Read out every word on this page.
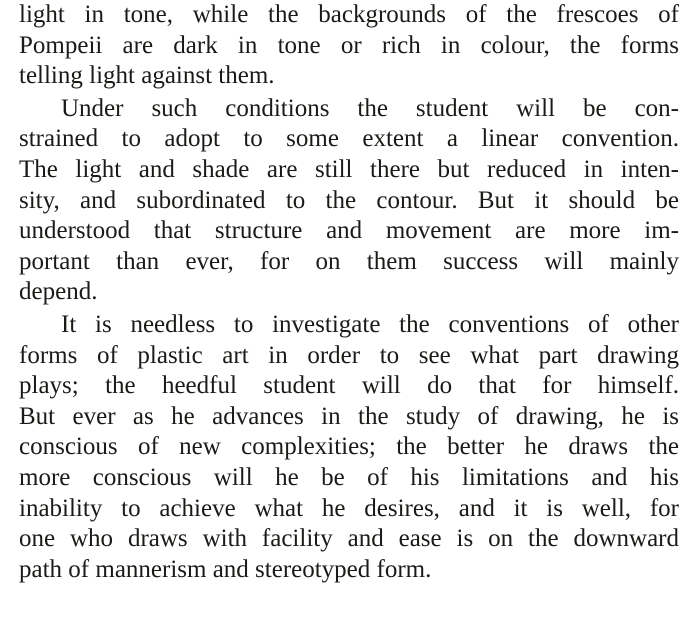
light in tone, while the backgrounds of the frescoes of
Pompeii are dark in tone or rich in colour, the forms
telling light against them.
Under such conditions the student will be con-
strained to adopt to some extent a linear convention.
The light and shade are still there but reduced in inten-
sity, and subordinated to the contour. But it should be
understood that structure and movement are more im-
portant than ever, for on them success will mainly
depend.
It is needless to investigate the conventions of other
forms of plastic art in order to see what part drawing
plays; the heedful student will do that for himself.
But ever as he advances in the study of drawing, he is
conscious of new complexities; the better he draws the
more conscious will he be of his limitations and his
inability to achieve what he desires, and it is well, for
one who draws with facility and ease is on the downward
path of mannerism and stereotyped form.
